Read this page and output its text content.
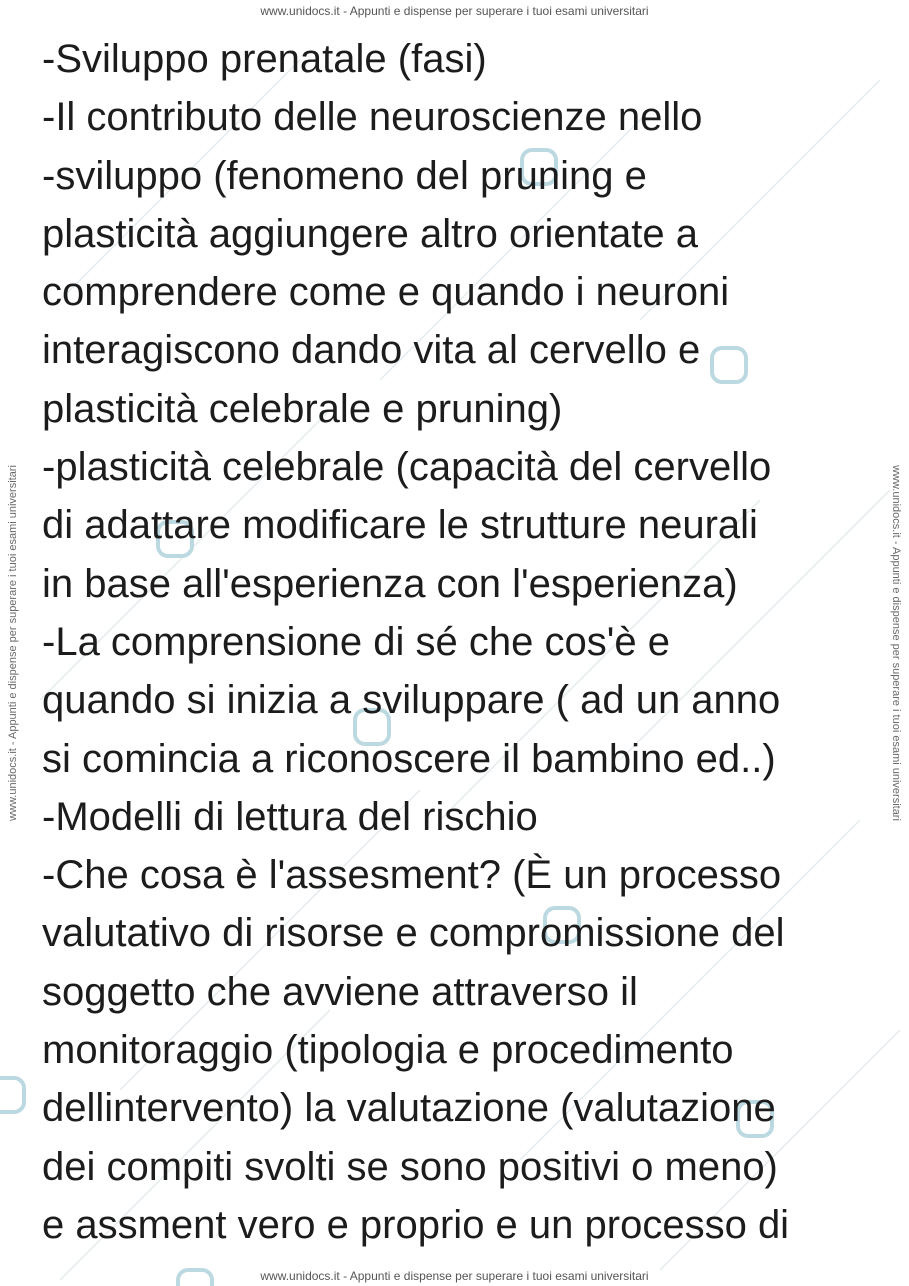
www.unidocs.it - Appunti e dispense per superare i tuoi esami universitari
www.unidocs.it - Appunti e dispense per superare i tuoi esami universitari	www.unidocs.it - Appunti e dispense per superare i tuoi esami universitari
-Sviluppo prenatale (fasi)
-Il contributo delle neuroscienze nello
-sviluppo (fenomeno del pruning e
plasticità aggiungere altro orientate a
comprendere come e quando i neuroni
interagiscono dando vita al cervello e
plasticità celebrale e pruning)
-plasticità celebrale (capacità del cervello
di adattare modificare le strutture neurali
in base all'esperienza con l'esperienza)
-La comprensione di sé che cos'è e
quando si inizia a sviluppare ( ad un anno
si comincia a riconoscere il bambino ed..)
-Modelli di lettura del rischio
-Che cosa è l'assesment? (È un processo
valutativo di risorse e compromissione del
soggetto che avviene attraverso il
monitoraggio (tipologia e procedimento
dellintervento) la valutazione (valutazione
dei compiti svolti se sono positivi o meno)
e assment vero e proprio e un processo di
www.unidocs.it - Appunti e dispense per superare i tuoi esami universitari
